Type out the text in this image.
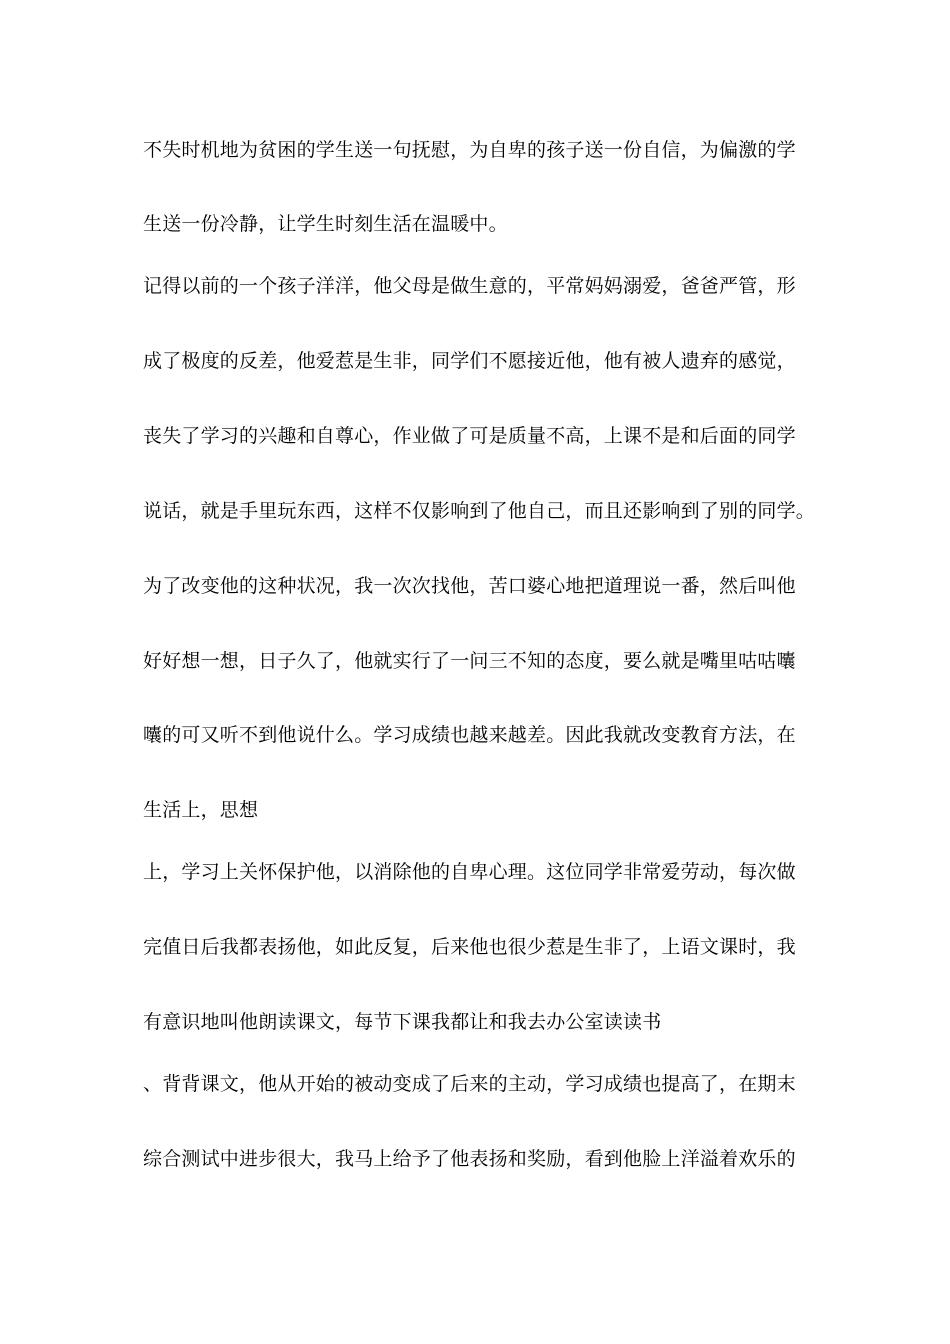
不失时机地为贫困的学生送一句抚慰，为自卑的孩子送一份自信，为偏激的学
生送一份冷静，让学生时刻生活在温暖中。
记得以前的一个孩子洋洋，他父母是做生意的，平常妈妈溺爱，爸爸严管，形
成了极度的反差，他爱惹是生非，同学们不愿接近他，他有被人遗弃的感觉，
丧失了学习的兴趣和自尊心，作业做了可是质量不高，上课不是和后面的同学
说话，就是手里玩东西，这样不仅影响到了他自己，而且还影响到了别的同学。
为了改变他的这种状况，我一次次找他，苦口婆心地把道理说一番，然后叫他
好好想一想，日子久了，他就实行了一问三不知的态度，要么就是嘴里咕咕囔
囔的可又听不到他说什么。学习成绩也越来越差。因此我就改变教育方法，在
生活上，思想
上，学习上关怀保护他，以消除他的自卑心理。这位同学非常爱劳动，每次做
完值日后我都表扬他，如此反复，后来他也很少惹是生非了，上语文课时，我
有意识地叫他朗读课文，每节下课我都让和我去办公室读读书
、背背课文，他从开始的被动变成了后来的主动，学习成绩也提高了，在期末
综合测试中进步很大，我马上给予了他表扬和奖励，看到他脸上洋溢着欢乐的
